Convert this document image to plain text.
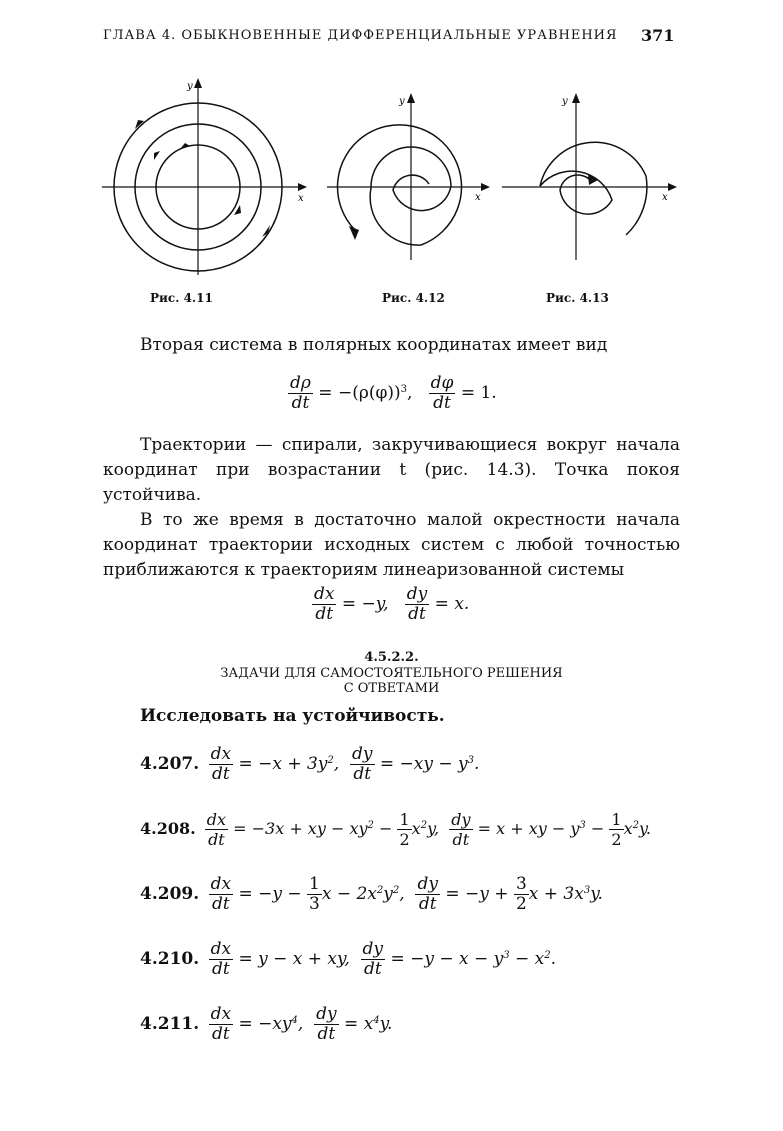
ГЛАВА 4. ОБЫКНОВЕННЫЕ ДИФФЕРЕНЦИАЛЬНЫЕ УРАВНЕНИЯ 371
y
x
Рис. 4.11
y
x
Рис. 4.12
y
x
Рис. 4.13
Вторая система в полярных координатах имеет вид
$\frac{d\rho}{dt} = -(\rho(\varphi))^3$, $\frac{d\varphi}{dt} = 1$.
Траектории — спирали, закручивающиеся вокруг начала координат при возрастании t (рис. 14.3). Точка покоя устойчива.
В то же время в достаточно малой окрестности начала координат траектории исходных систем с любой точностью приближаются к траекториям линеаризованной системы
$\frac{dx}{dt} = -y$, $\frac{dy}{dt} = x$.
4.5.2.2.
ЗАДАЧИ ДЛЯ САМОСТОЯТЕЛЬНОГО РЕШЕНИЯ
С ОТВЕТАМИ
Исследовать на устойчивость.
4.207. $\frac{dx}{dt} = -x + 3y^2$, $\frac{dy}{dt} = -xy - y^3$.
4.208. $\frac{dx}{dt} = -3x$ + xy − $xy^2 - \frac{1}{2} x^2y$, $\frac{dy}{dt} = x$ + xy − $y^3 - \frac{1}{2} x^2y$.
4.209. $\frac{dx}{dt} = -y - \frac{1}{3}$ $x - 2x^2y^2$, $\frac{dy}{dt} = -y + \frac{3}{2}$ $x + 3x^3y$.
4.210. $\frac{dx}{dt} = y - x$ + xy, $\frac{dy}{dt} = -y - x - y^3 - x^2$.
4.211. $\frac{dx}{dt} = -xy^4$, $\frac{dy}{dt} = x^4y$.
